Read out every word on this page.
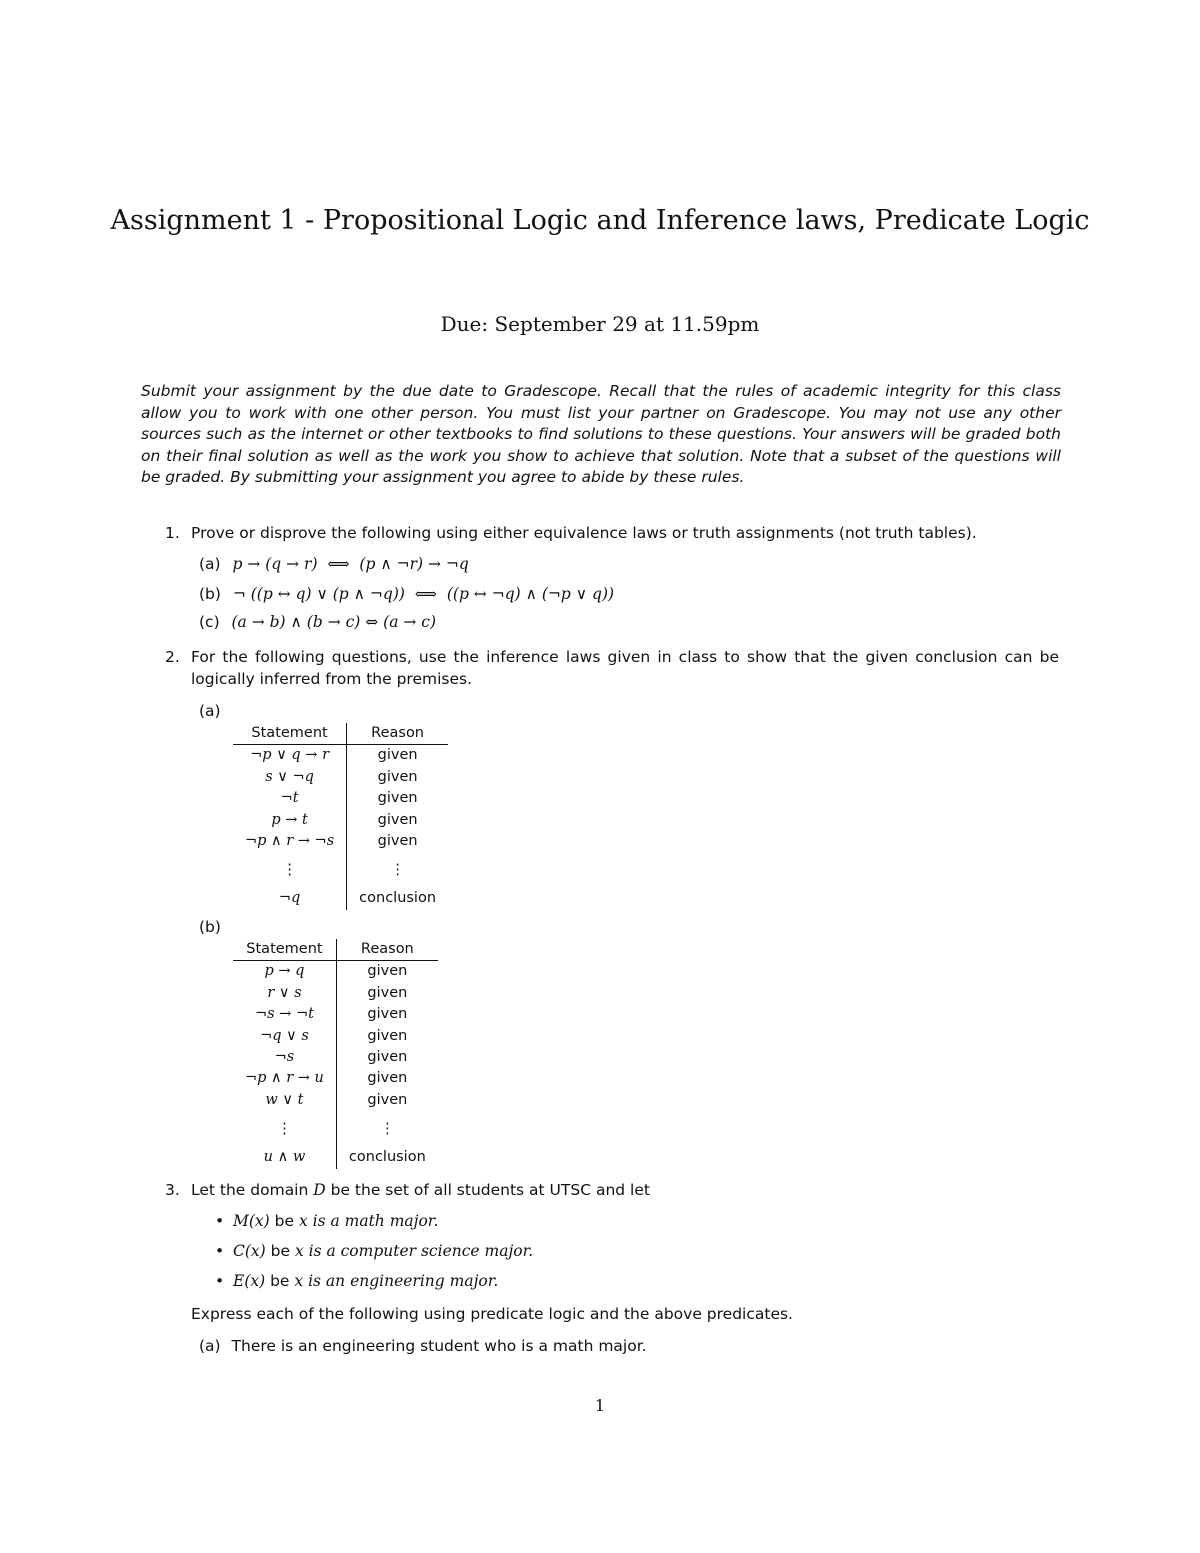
Assignment 1 - Propositional Logic and Inference laws, Predicate Logic
Due: September 29 at 11.59pm

Submit your assignment by the due date to Gradescope. Recall that the rules of academic integrity for this class allow you to work with one other person. You must list your partner on Gradescope. You may not use any other sources such as the internet or other textbooks to find solutions to these questions. Your answers will be graded both on their final solution as well as the work you show to achieve that solution. Note that a subset of the questions will be graded. By submitting your assignment you agree to abide by these rules.

1. Prove or disprove the following using either equivalence laws or truth assignments (not truth tables).
(a) p → (q → r)  ⟺  (p ∧ ¬r) → ¬q
(b) ¬ ((p ↔ q) ∨ (p ∧ ¬q))  ⟺  ((p ↔ ¬q) ∧ (¬p ∨ q))
(c) (a → b) ∧ (b → c) ⇔ (a → c)
2. For the following questions, use the inference laws given in class to show that the given conclusion can be logically inferred from the premises.
(a)
Statement	Reason
¬p ∨ q → r	given
s ∨ ¬q	given
¬t	given
p → t	given
¬p ∧ r → ¬s	given
⋮	⋮
¬q	conclusion
(b)
Statement	Reason
p → q	given
r ∨ s	given
¬s → ¬t	given
¬q ∨ s	given
¬s	given
¬p ∧ r → u	given
w ∨ t	given
⋮	⋮
u ∧ w	conclusion
3. Let the domain D be the set of all students at UTSC and let
• M(x) be x is a math major.
• C(x) be x is a computer science major.
• E(x) be x is an engineering major.
Express each of the following using predicate logic and the above predicates.
(a) There is an engineering student who is a math major.
1
